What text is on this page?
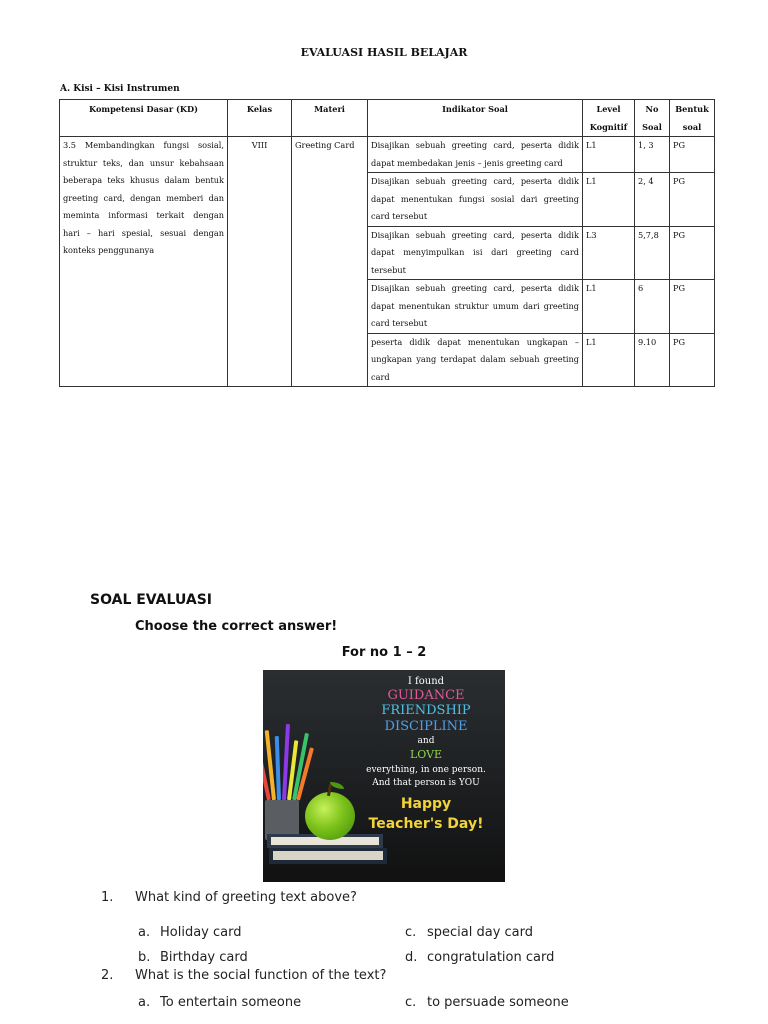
EVALUASI HASIL BELAJAR
A. Kisi – Kisi Instrumen
Kompetensi Dasar (KD)	Kelas	Materi	Indikator Soal	Level Kognitif	No Soal	Bentuk soal
3.5 Membandingkan fungsi sosial, struktur teks, dan unsur kebahsaan beberapa teks khusus dalam bentuk greeting card, dengan memberi dan meminta informasi terkait dengan hari – hari spesial, sesuai dengan konteks penggunanya	VIII	Greeting Card	Disajikan sebuah greeting card, peserta didik dapat membedakan jenis – jenis greeting card	L1	1, 3	PG
			Disajikan sebuah greeting card, peserta didik dapat menentukan fungsi sosial dari greeting card tersebut	L1	2, 4	PG
			Disajikan sebuah greeting card, peserta didik dapat menyimpulkan isi dari greeting card tersebut	L3	5,7,8	PG
			Disajikan sebuah greeting card, peserta didik dapat menentukan struktur umum dari greeting card tersebut	L1	6	PG
			peserta didik dapat menentukan ungkapan – ungkapan yang terdapat dalam sebuah greeting card	L1	9.10	PG
SOAL EVALUASI
Choose the correct answer!
For no 1 – 2
I found
GUIDANCE
FRIENDSHIP
DISCIPLINE
and
LOVE
everything, in one person.
And that person is YOU
Happy
Teacher's Day!
1. What kind of greeting text above?
a. Holiday card	c. special day card
b. Birthday card	d. congratulation card
2. What is the social function of the text?
a. To entertain someone	c. to persuade someone
